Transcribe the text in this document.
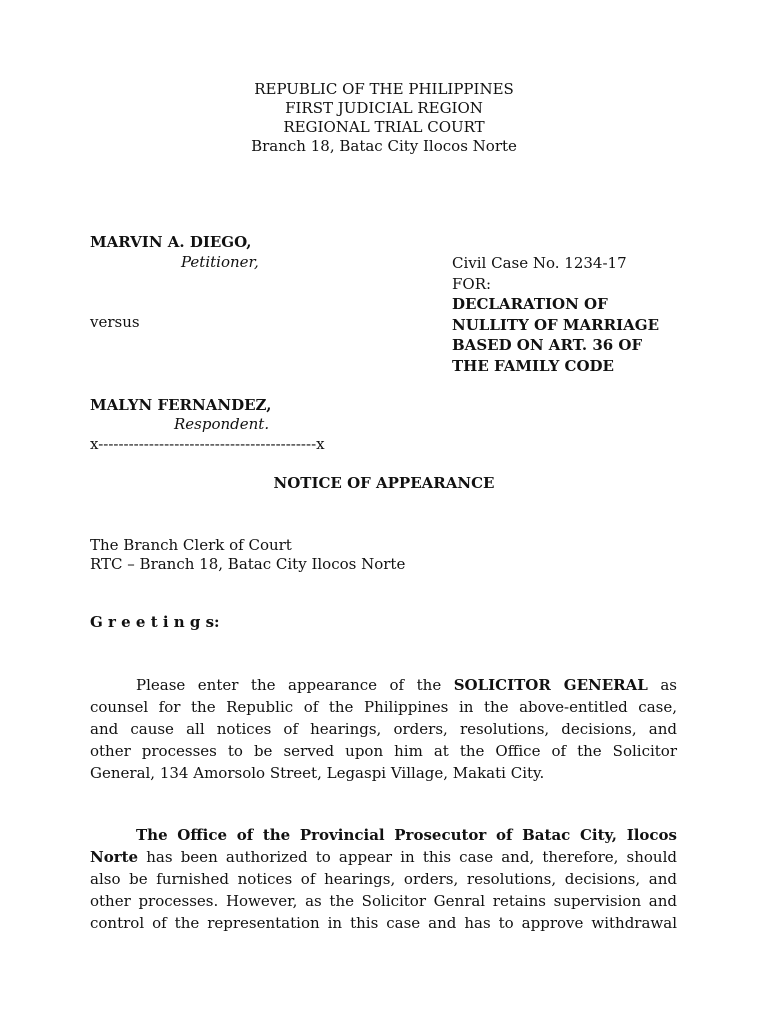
REPUBLIC OF THE PHILIPPINES
FIRST JUDICIAL REGION
REGIONAL TRIAL COURT
Branch 18, Batac City Ilocos Norte
MARVIN A. DIEGO,
Petitioner,
versus
MALYN FERNANDEZ,
Respondent.
x-------------------------------------------x
Civil Case No. 1234-17
FOR:
DECLARATION OF
NULLITY OF MARRIAGE
BASED ON ART. 36 OF
THE FAMILY CODE
NOTICE OF APPEARANCE
The Branch Clerk of Court
RTC – Branch 18, Batac City Ilocos Norte
G r e e t i n g s:
Please enter the appearance of the SOLICITOR GENERAL as
counsel for the Republic of the Philippines in the above-entitled case,
and cause all notices of hearings, orders, resolutions, decisions, and
other processes to be served upon him at the Office of the Solicitor
General, 134 Amorsolo Street, Legaspi Village, Makati City.
The Office of the Provincial Prosecutor of Batac City, Ilocos
Norte has been authorized to appear in this case and, therefore, should
also be furnished notices of hearings, orders, resolutions, decisions, and
other processes. However, as the Solicitor Genral retains supervision and
control of the representation in this case and has to approve withdrawal
